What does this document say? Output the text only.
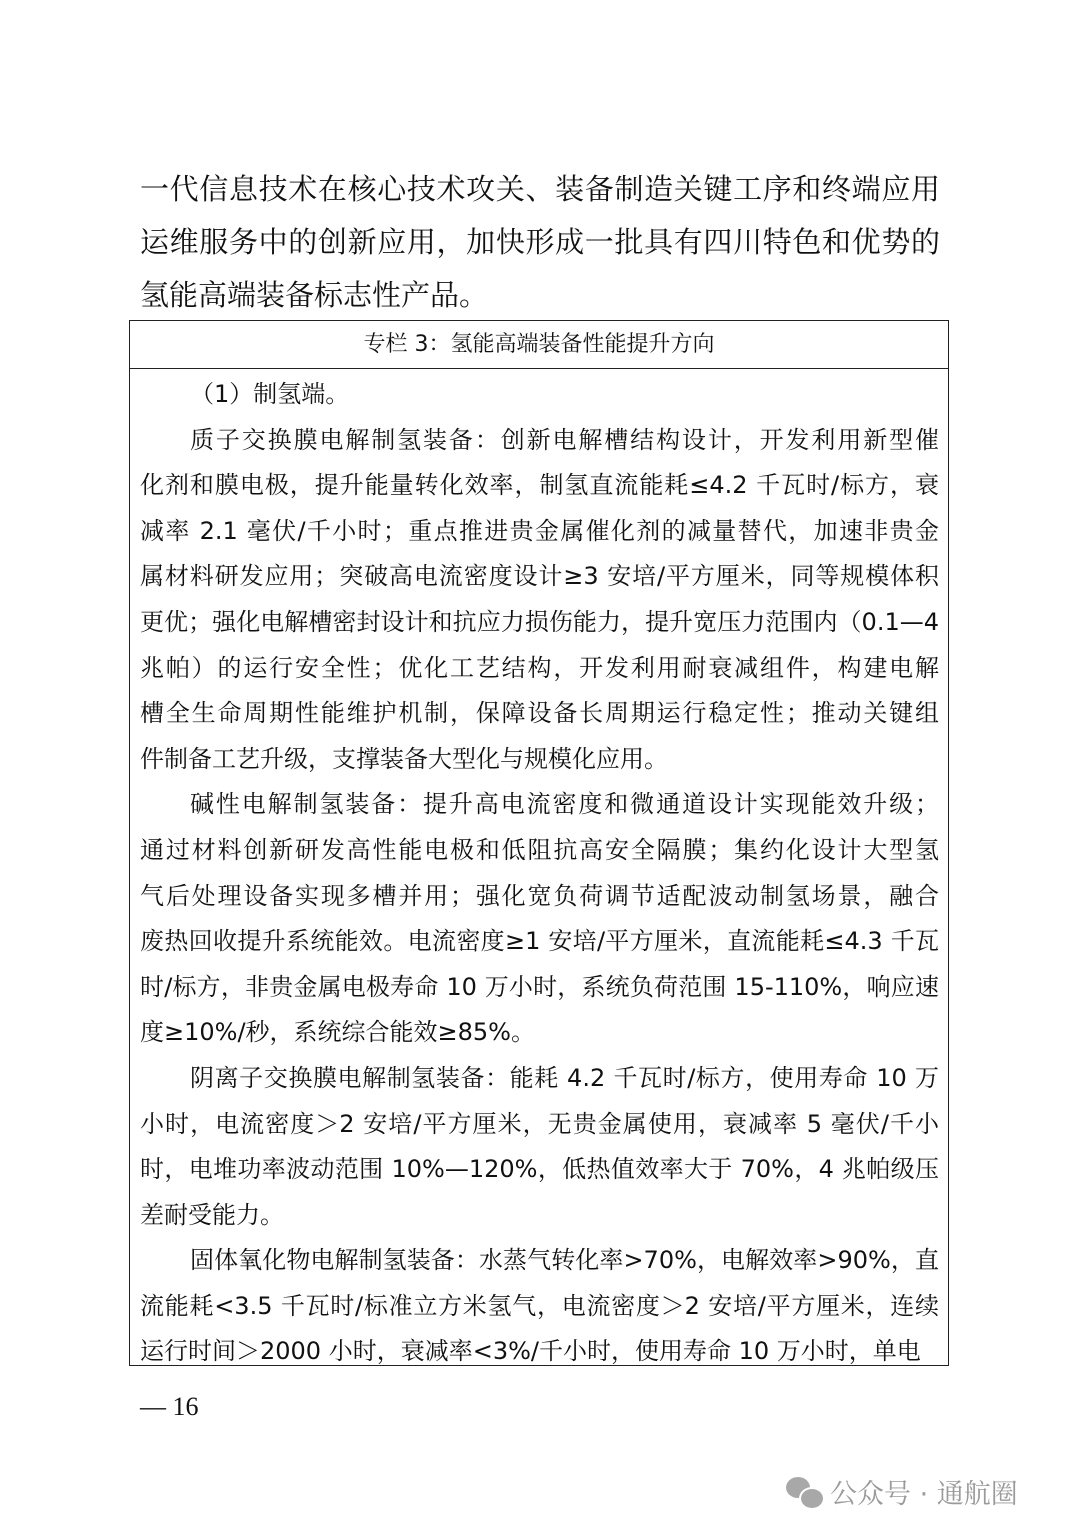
一代信息技术在核心技术攻关、装备制造关键工序和终端应用
运维服务中的创新应用，加快形成一批具有四川特色和优势的
氢能高端装备标志性产品。
专栏 3：氢能高端装备性能提升方向
（1）制氢端。
质子交换膜电解制氢装备：创新电解槽结构设计，开发利用新型催
化剂和膜电极，提升能量转化效率，制氢直流能耗≤4.2 千瓦时/标方，衰
减率 2.1 毫伏/千小时；重点推进贵金属催化剂的减量替代，加速非贵金
属材料研发应用；突破高电流密度设计≥3 安培/平方厘米，同等规模体积
更优；强化电解槽密封设计和抗应力损伤能力，提升宽压力范围内（0.1—4
兆帕）的运行安全性；优化工艺结构，开发利用耐衰减组件，构建电解
槽全生命周期性能维护机制，保障设备长周期运行稳定性；推动关键组
件制备工艺升级，支撑装备大型化与规模化应用。
碱性电解制氢装备：提升高电流密度和微通道设计实现能效升级；
通过材料创新研发高性能电极和低阻抗高安全隔膜；集约化设计大型氢
气后处理设备实现多槽并用；强化宽负荷调节适配波动制氢场景，融合
废热回收提升系统能效。电流密度≥1 安培/平方厘米，直流能耗≤4.3 千瓦
时/标方，非贵金属电极寿命 10 万小时，系统负荷范围 15-110%，响应速
度≥10%/秒，系统综合能效≥85%。
阴离子交换膜电解制氢装备：能耗 4.2 千瓦时/标方，使用寿命 10 万
小时，电流密度＞2 安培/平方厘米，无贵金属使用，衰减率 5 毫伏/千小
时，电堆功率波动范围 10%—120%，低热值效率大于 70%，4 兆帕级压
差耐受能力。
固体氧化物电解制氢装备：水蒸气转化率>70%，电解效率>90%，直
流能耗<3.5 千瓦时/标准立方米氢气，电流密度＞2 安培/平方厘米，连续
运行时间＞2000 小时，衰减率<3%/千小时，使用寿命 10 万小时，单电
— 16
公众号 · 通航圈
